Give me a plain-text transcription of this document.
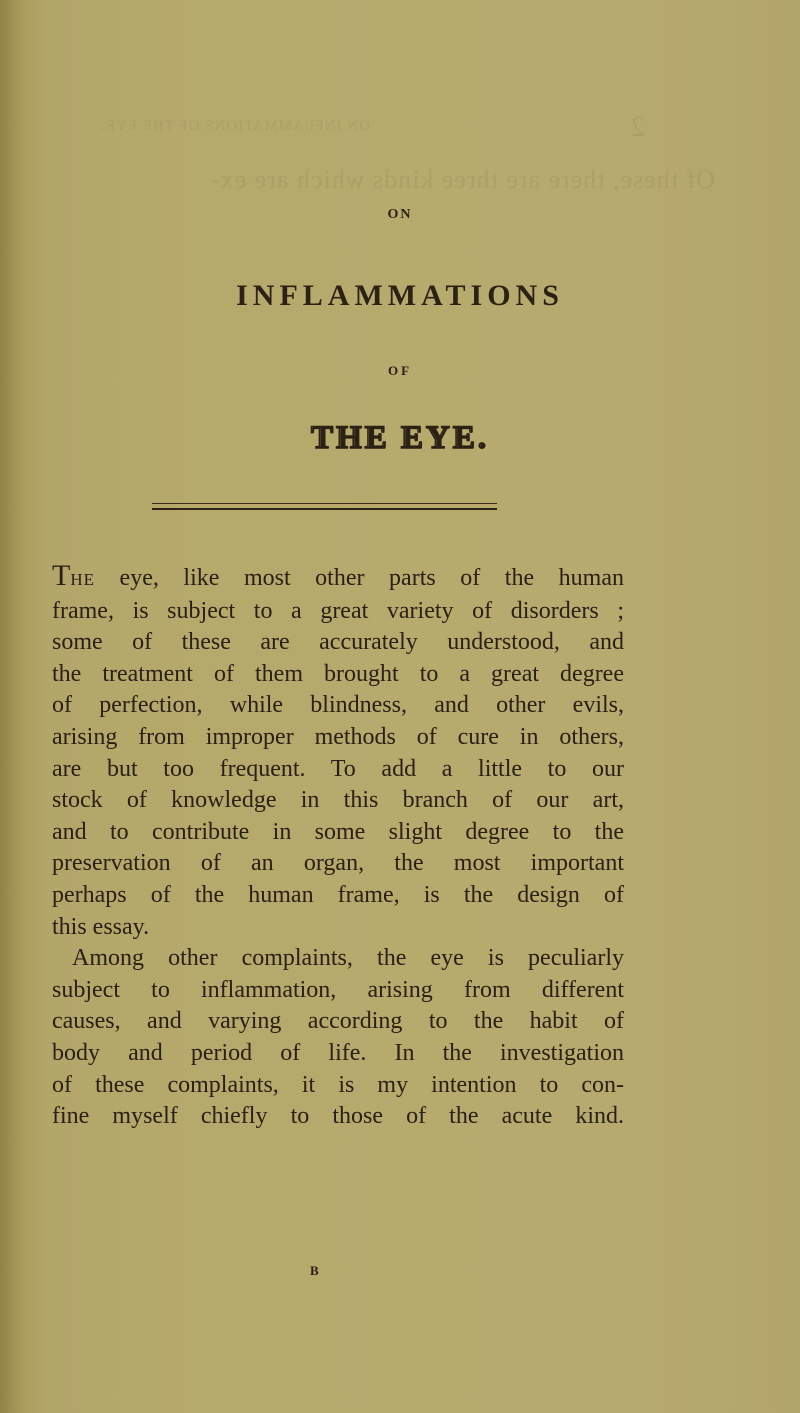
ON INFLAMMATIONS OF THE EYE.	2
Of these, there are three kinds which are ex-
ON
INFLAMMATIONS
OF
THE EYE.
THE eye, like most other parts of the human
frame, is subject to a great variety of disorders ;
some of these are accurately understood, and
the treatment of them brought to a great degree
of perfection, while blindness, and other evils,
arising from improper methods of cure in others,
are but too frequent. To add a little to our
stock of knowledge in this branch of our art,
and to contribute in some slight degree to the
preservation of an organ, the most important
perhaps of the human frame, is the design of
this essay.
Among other complaints, the eye is peculiarly
subject to inflammation, arising from different
causes, and varying according to the habit of
body and period of life. In the investigation
of these complaints, it is my intention to con-
fine myself chiefly to those of the acute kind.
B
